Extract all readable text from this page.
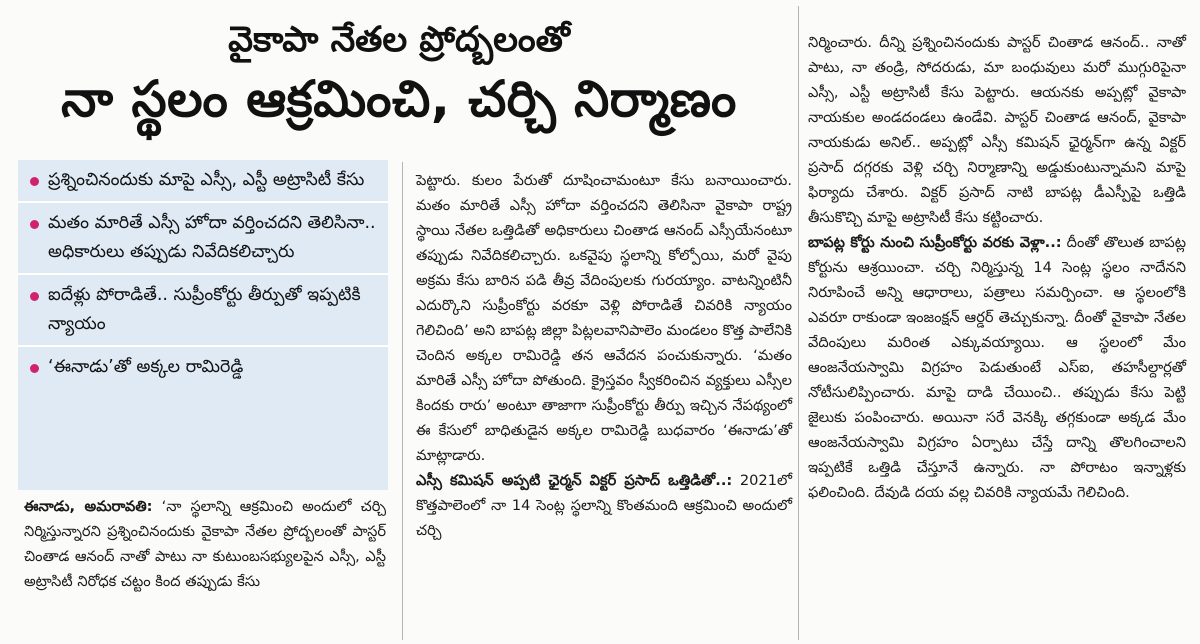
వైకాపా నేతల ప్రోద్బలంతో
నా స్థలం ఆక్రమించి, చర్చి నిర్మాణం
ప్రశ్నించినందుకు మాపై ఎస్సీ, ఎస్టీ అట్రాసిటీ కేసు
మతం మారితే ఎస్సీ హోదా వర్తించదని తెలిసినా.. అధికారులు తప్పుడు నివేదికలిచ్చారు
ఐదేళ్లు పోరాడితే.. సుప్రీంకోర్టు తీర్పుతో ఇప్పటికి న్యాయం
‘ఈనాడు’తో అక్కల రామిరెడ్డి

ఈనాడు, అమరావతి: ‘నా స్థలాన్ని ఆక్రమించి అందులో చర్చి నిర్మిస్తున్నారని ప్రశ్నించినందుకు వైకాపా నేతల ప్రోద్బలంతో పాస్టర్ చింతాడ ఆనంద్ నాతో పాటు నా కుటుంబసభ్యులపైన ఎస్సీ, ఎస్టీ అట్రాసిటీ నిరోధక చట్టం కింద తప్పుడు కేసు

పెట్టారు. కులం పేరుతో దూషించామంటూ కేసు బనాయించారు. మతం మారితే ఎస్సీ హోదా వర్తించదని తెలిసినా వైకాపా రాష్ట్ర స్థాయి నేతల ఒత్తిడితో అధికారులు చింతాడ ఆనంద్ ఎస్సీయేనంటూ తప్పుడు నివేదికలిచ్చారు. ఒకవైపు స్థలాన్ని కోల్పోయి, మరో వైపు అక్రమ కేసు బారిన పడి తీవ్ర వేదింపులకు గురయ్యాం. వాటన్నింటినీ ఎదుర్కొని సుప్రీంకోర్టు వరకూ వెళ్లి పోరాడితే చివరికి న్యాయం గెలిచింది’ అని బాపట్ల జిల్లా పిట్లలవానిపాలెం మండలం కొత్త పాలేనికి చెందిన అక్కల రామిరెడ్డి తన ఆవేదన పంచుకున్నారు. ‘మతం మారితే ఎస్సీ హోదా పోతుంది. క్రైస్తవం స్వీకరించిన వ్యక్తులు ఎస్సీల కిందకు రారు’ అంటూ తాజాగా సుప్రీంకోర్టు తీర్పు ఇచ్చిన నేపథ్యంలో ఈ కేసులో బాధితుడైన అక్కల రామిరెడ్డి బుధవారం ‘ఈనాడు’తో మాట్లాడారు.

ఎస్సీ కమిషన్ అప్పటి ఛైర్మన్ విక్టర్ ప్రసాద్ ఒత్తిడితో..: 2021లో కొత్తపాలెంలో నా 14 సెంట్ల స్థలాన్ని కొంతమంది ఆక్రమించి అందులో చర్చి

నిర్మించారు. దీన్ని ప్రశ్నించినందుకు పాస్టర్ చింతాడ ఆనంద్.. నాతో పాటు, నా తండ్రి, సోదరుడు, మా బంధువులు మరో ముగ్గురిపైనా ఎస్సీ, ఎస్టీ అట్రాసిటీ కేసు పెట్టారు. ఆయనకు అప్పట్లో వైకాపా నాయకుల అండదండలు ఉండేవి. పాస్టర్ చింతాడ ఆనంద్, వైకాపా నాయకుడు అనిల్.. అప్పట్లో ఎస్సీ కమిషన్ ఛైర్మన్‌గా ఉన్న విక్టర్ ప్రసాద్ దగ్గరకు వెళ్లి చర్చి నిర్మాణాన్ని అడ్డుకుంటున్నామని మాపై ఫిర్యాదు చేశారు. విక్టర్ ప్రసాద్ నాటి బాపట్ల డీఎస్పీపై ఒత్తిడి తీసుకొచ్చి మాపై అట్రాసిటీ కేసు కట్టించారు.

బాపట్ల కోర్టు నుంచి సుప్రీంకోర్టు వరకు వెళ్లా..: దీంతో తొలుత బాపట్ల కోర్టును ఆశ్రయించా. చర్చి నిర్మిస్తున్న 14 సెంట్ల స్థలం నాదేనని నిరూపించే అన్ని ఆధారాలు, పత్రాలు సమర్పించా. ఆ స్థలంలోకి ఎవరూ రాకుండా ఇంజంక్షన్ ఆర్డర్ తెచ్చుకున్నా. దీంతో వైకాపా నేతల వేదింపులు మరింత ఎక్కువయ్యాయి. ఆ స్థలంలో మేం ఆంజనేయస్వామి విగ్రహం పెడుతుంటే ఎస్ఐ, తహసీల్దార్లతో నోటీసులిప్పించారు. మాపై దాడి చేయించి.. తప్పుడు కేసు పెట్టి జైలుకు పంపించారు. అయినా సరే వెనక్కి తగ్గకుండా అక్కడ మేం ఆంజనేయస్వామి విగ్రహం ఏర్పాటు చేస్తే దాన్ని తొలగించాలని ఇప్పటికే ఒత్తిడి చేస్తూనే ఉన్నారు. నా పోరాటం ఇన్నాళ్లకు ఫలించింది. దేవుడి దయ వల్ల చివరికి న్యాయమే గెలిచింది.
